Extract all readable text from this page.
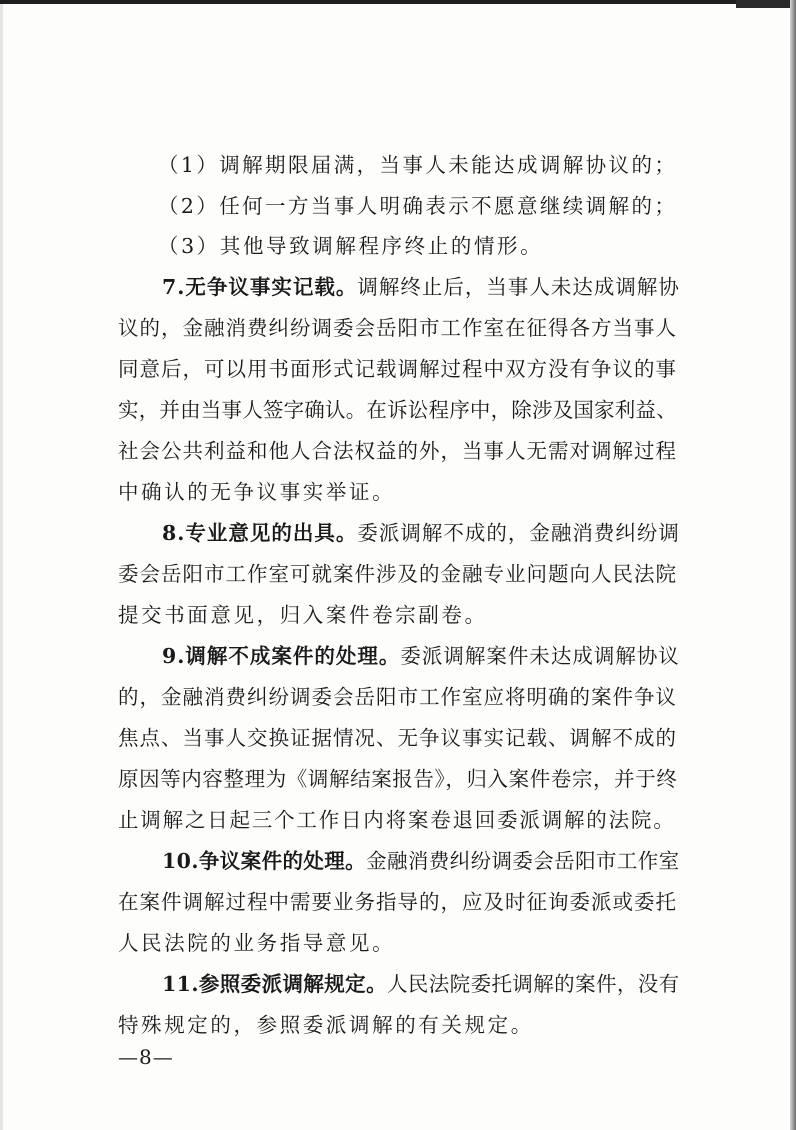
（1）调解期限届满，当事人未能达成调解协议的；
（2）任何一方当事人明确表示不愿意继续调解的；
（3）其他导致调解程序终止的情形。
7.无争议事实记载。调解终止后，当事人未达成调解协
议的，金融消费纠纷调委会岳阳市工作室在征得各方当事人
同意后，可以用书面形式记载调解过程中双方没有争议的事
实，并由当事人签字确认。在诉讼程序中，除涉及国家利益、
社会公共利益和他人合法权益的外，当事人无需对调解过程
中确认的无争议事实举证。
8.专业意见的出具。委派调解不成的，金融消费纠纷调
委会岳阳市工作室可就案件涉及的金融专业问题向人民法院
提交书面意见，归入案件卷宗副卷。
9.调解不成案件的处理。委派调解案件未达成调解协议
的，金融消费纠纷调委会岳阳市工作室应将明确的案件争议
焦点、当事人交换证据情况、无争议事实记载、调解不成的
原因等内容整理为《调解结案报告》，归入案件卷宗，并于终
止调解之日起三个工作日内将案卷退回委派调解的法院。
10.争议案件的处理。金融消费纠纷调委会岳阳市工作室
在案件调解过程中需要业务指导的，应及时征询委派或委托
人民法院的业务指导意见。
11.参照委派调解规定。人民法院委托调解的案件，没有
特殊规定的，参照委派调解的有关规定。
—8—
